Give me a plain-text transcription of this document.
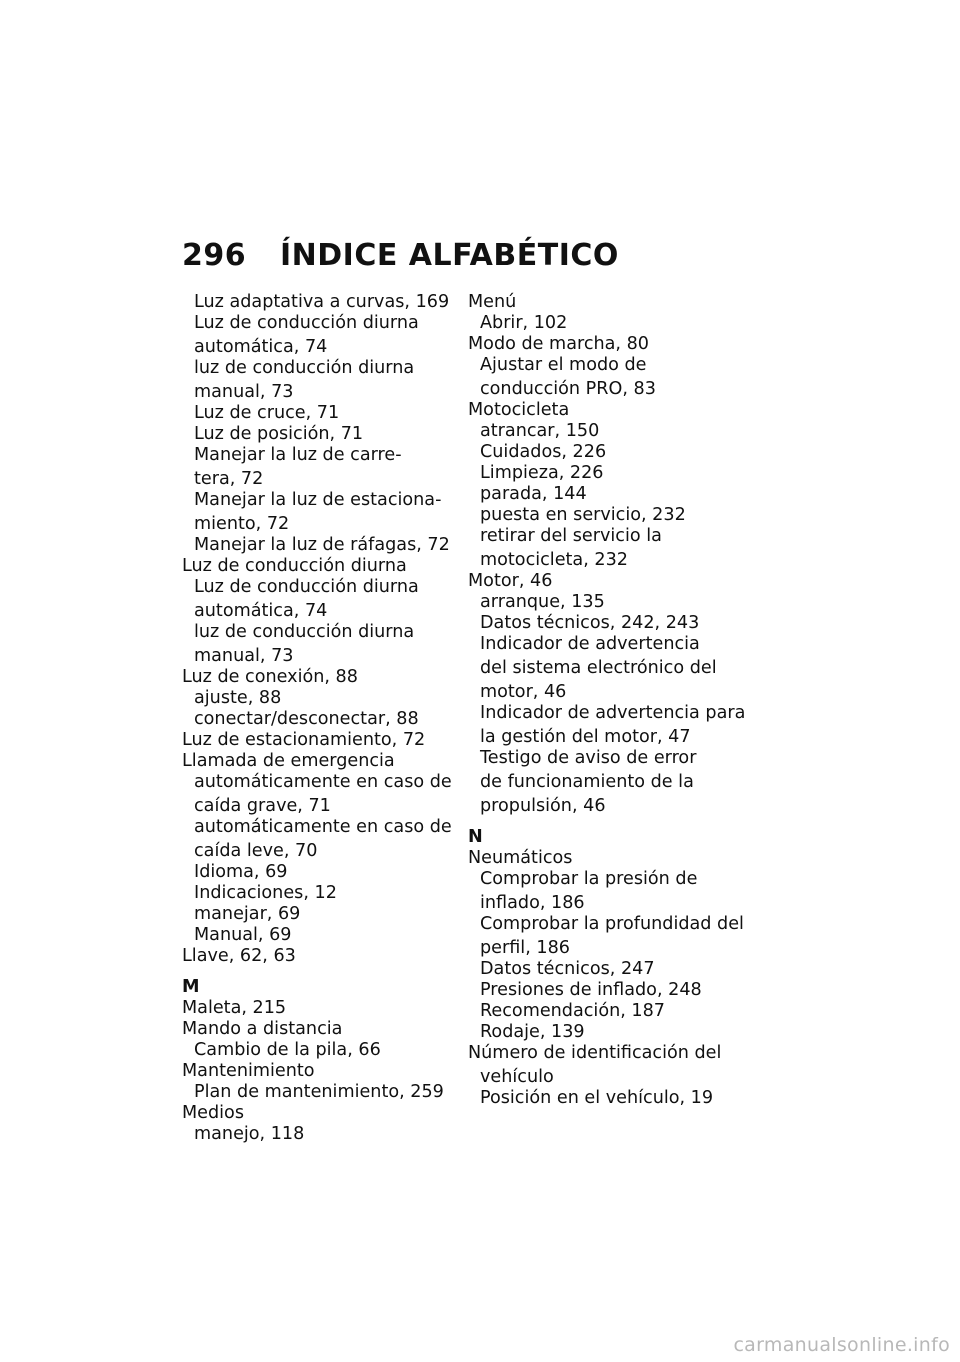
296	ÍNDICE ALFABÉTICO
Luz adaptativa a curvas, 169
Luz de conducción diurna
automática, 74
luz de conducción diurna
manual, 73
Luz de cruce, 71
Luz de posición, 71
Manejar la luz de carre-
tera, 72
Manejar la luz de estaciona-
miento, 72
Manejar la luz de ráfagas, 72
Luz de conducción diurna
Luz de conducción diurna
automática, 74
luz de conducción diurna
manual, 73
Luz de conexión, 88
ajuste, 88
conectar/desconectar, 88
Luz de estacionamiento, 72
Llamada de emergencia
automáticamente en caso de
caída grave, 71
automáticamente en caso de
caída leve, 70
Idioma, 69
Indicaciones, 12
manejar, 69
Manual, 69
Llave, 62, 63
M
Maleta, 215
Mando a distancia
Cambio de la pila, 66
Mantenimiento
Plan de mantenimiento, 259
Medios
manejo, 118
Menú
Abrir, 102
Modo de marcha, 80
Ajustar el modo de
conducción PRO, 83
Motocicleta
atrancar, 150
Cuidados, 226
Limpieza, 226
parada, 144
puesta en servicio, 232
retirar del servicio la
motocicleta, 232
Motor, 46
arranque, 135
Datos técnicos, 242, 243
Indicador de advertencia
del sistema electrónico del
motor, 46
Indicador de advertencia para
la gestión del motor, 47
Testigo de aviso de error
de funcionamiento de la
propulsión, 46
N
Neumáticos
Comprobar la presión de
inflado, 186
Comprobar la profundidad del
perfil, 186
Datos técnicos, 247
Presiones de inflado, 248
Recomendación, 187
Rodaje, 139
Número de identificación del
vehículo
Posición en el vehículo, 19
carmanualsonline.info
